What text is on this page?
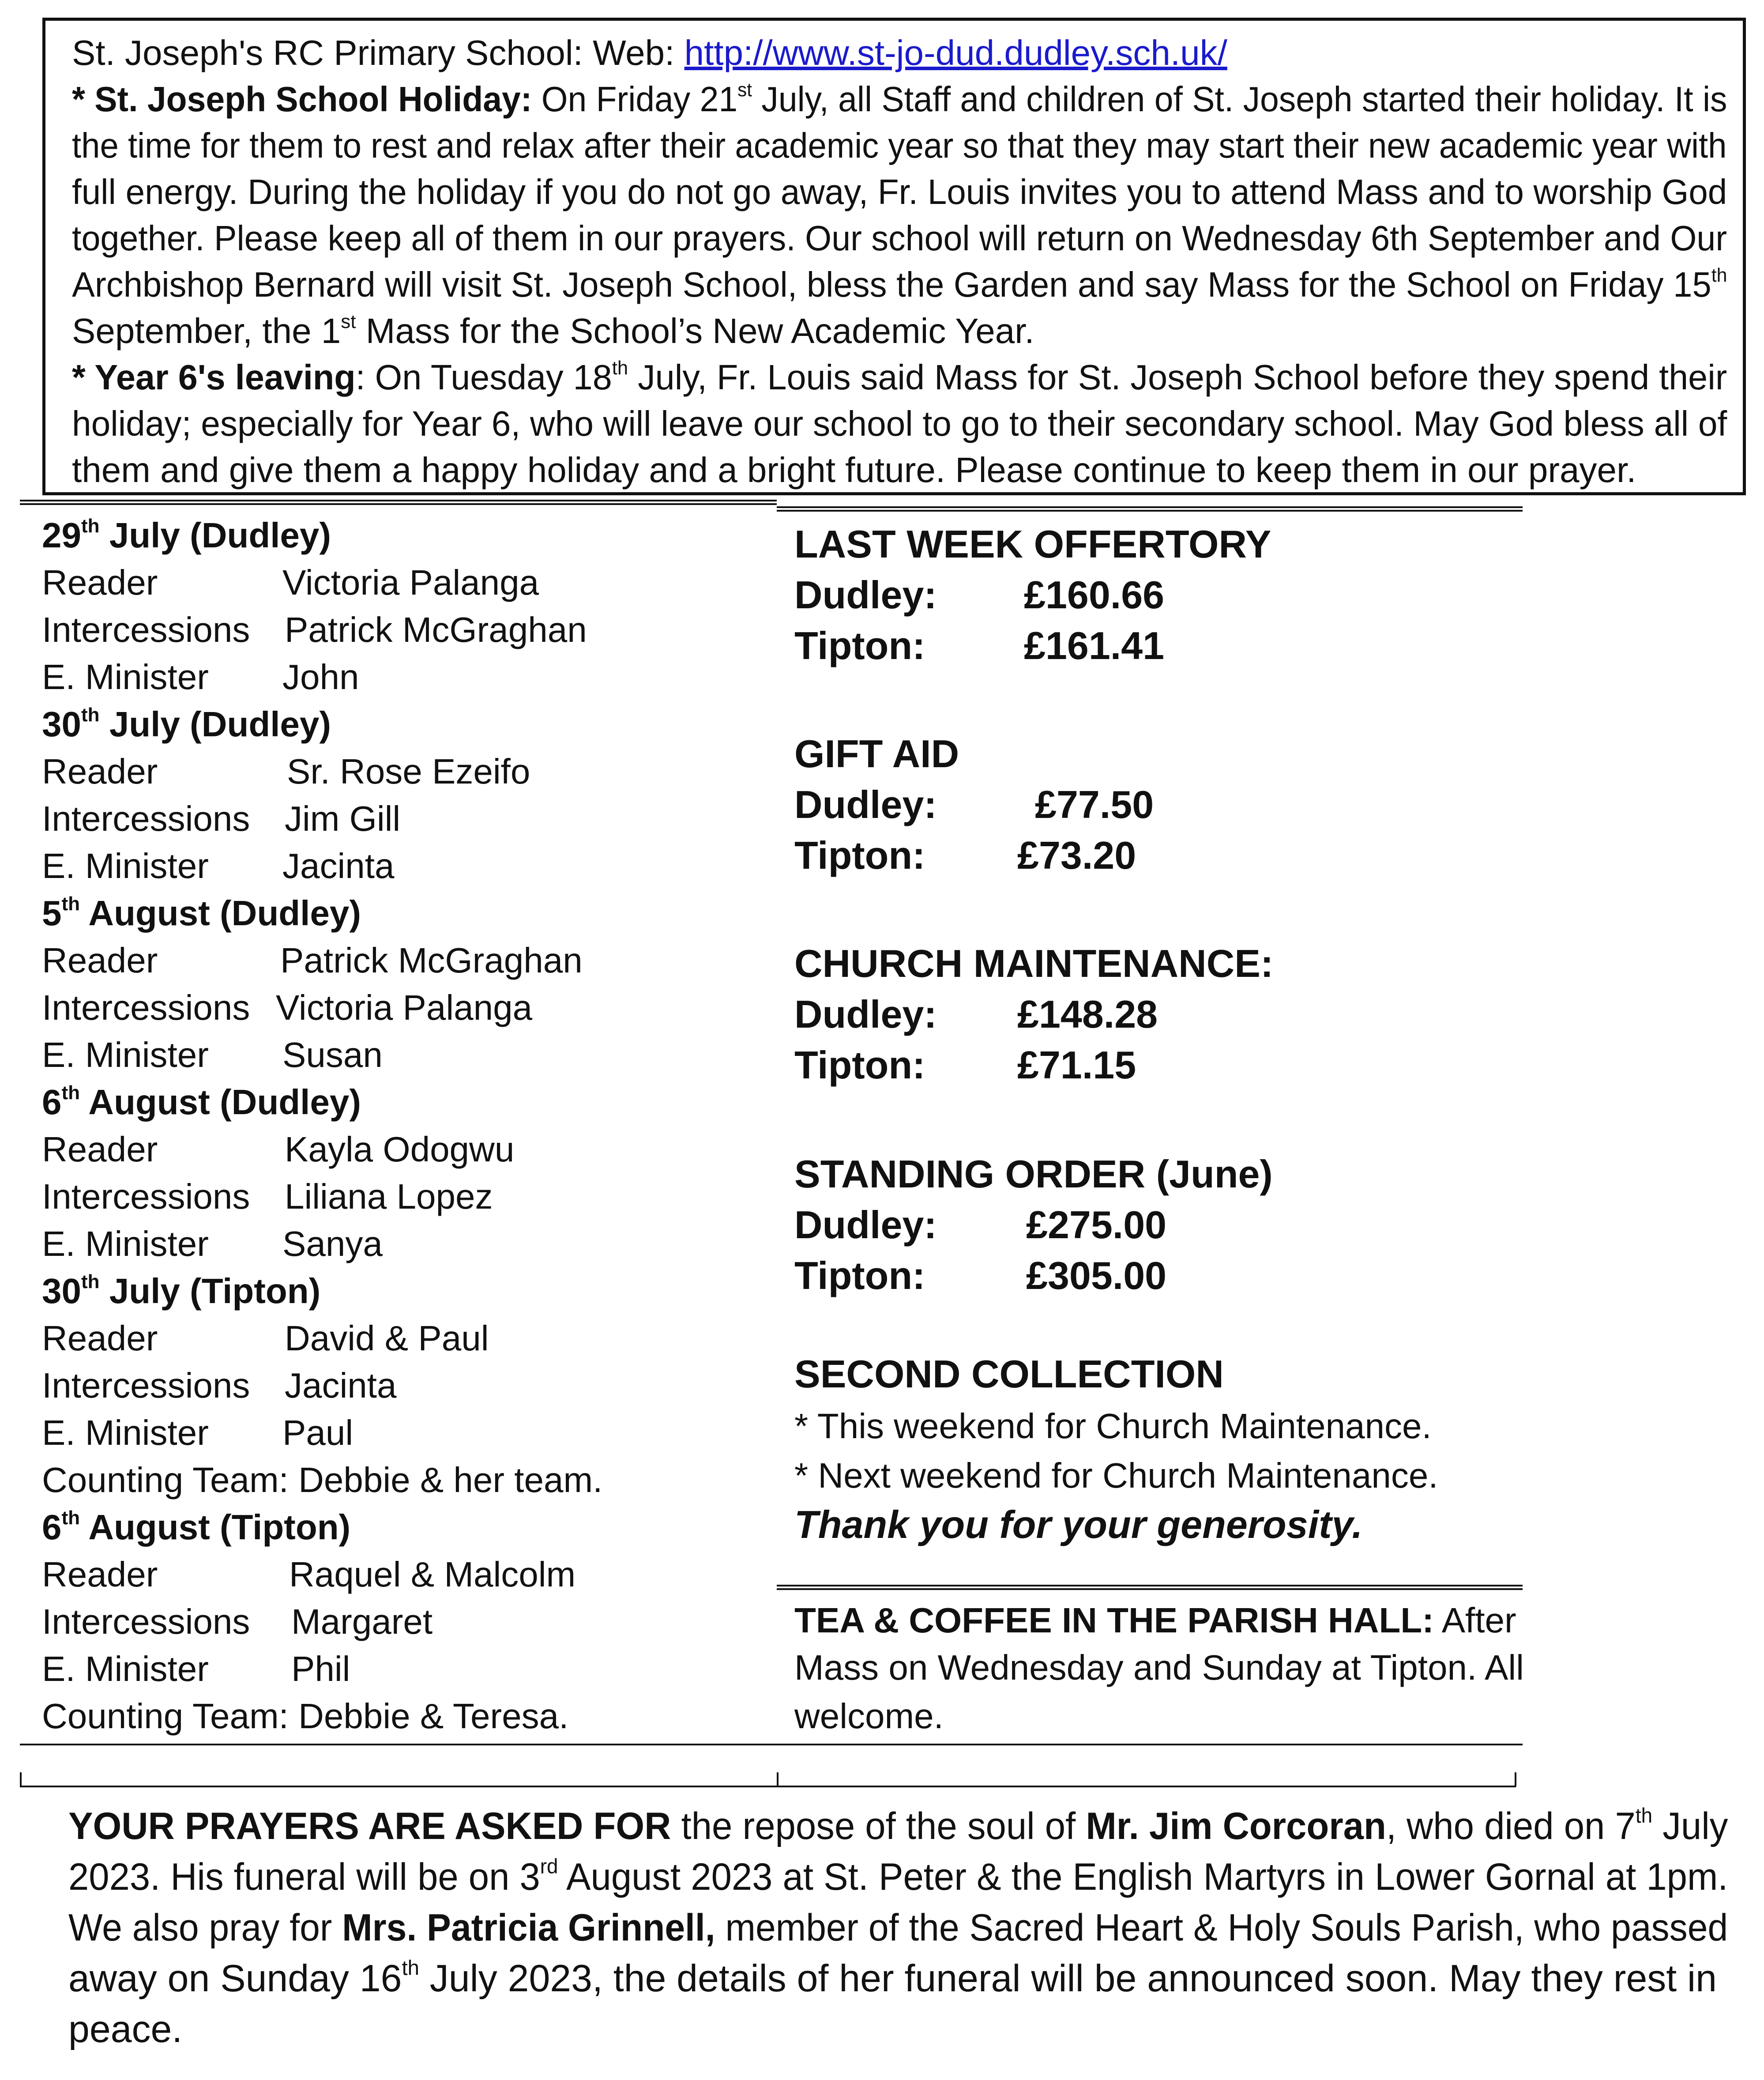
St. Joseph's RC Primary School: Web: http://www.st-jo-dud.dudley.sch.uk/
* St. Joseph School Holiday: On Friday 21st July, all Staff and children of St. Joseph started their holiday. It is
the time for them to rest and relax after their academic year so that they may start their new academic year with
full energy. During the holiday if you do not go away, Fr. Louis invites you to attend Mass and to worship God
together. Please keep all of them in our prayers. Our school will return on Wednesday 6th September and Our
Archbishop Bernard will visit St. Joseph School, bless the Garden and say Mass for the School on Friday 15th
September, the 1st Mass for the School’s New Academic Year.
* Year 6's leaving: On Tuesday 18th July, Fr. Louis said Mass for St. Joseph School before they spend their
holiday; especially for Year 6, who will leave our school to go to their secondary school. May God bless all of
them and give them a happy holiday and a bright future. Please continue to keep them in our prayer.
29th July (Dudley)
Reader	Victoria Palanga
Intercessions Patrick McGraghan
E. Minister John
30th July (Dudley)
Reader	Sr. Rose Ezeifo
Intercessions Jim Gill
E. Minister Jacinta
5th August (Dudley)
Reader	Patrick McGraghan
Intercessions Victoria Palanga
E. Minister Susan
6th August (Dudley)
Reader	Kayla Odogwu
Intercessions Liliana Lopez
E. Minister Sanya
30th July (Tipton)
Reader	David & Paul
Intercessions Jacinta
E. Minister Paul
Counting Team: Debbie & her team.
6th August (Tipton)
Reader	Raquel & Malcolm
Intercessions Margaret
E. Minister Phil
Counting Team: Debbie & Teresa.
LAST WEEK OFFERTORY
Dudley: £160.66
Tipton:	£161.41
GIFT AID
Dudley:	£77.50
Tipton: £73.20
CHURCH MAINTENANCE:
Dudley: £148.28
Tipton: £71.15
STANDING ORDER (June)
Dudley: £275.00
Tipton:	£305.00
SECOND COLLECTION
* This weekend for Church Maintenance.
* Next weekend for Church Maintenance.
Thank you for your generosity.
TEA & COFFEE IN THE PARISH HALL: After
Mass on Wednesday and Sunday at Tipton. All
welcome.
YOUR PRAYERS ARE ASKED FOR the repose of the soul of Mr. Jim Corcoran, who died on 7th July
2023. His funeral will be on 3rd August 2023 at St. Peter & the English Martyrs in Lower Gornal at 1pm.
We also pray for Mrs. Patricia Grinnell, member of the Sacred Heart & Holy Souls Parish, who passed
away on Sunday 16th July 2023, the details of her funeral will be announced soon. May they rest in
peace.
